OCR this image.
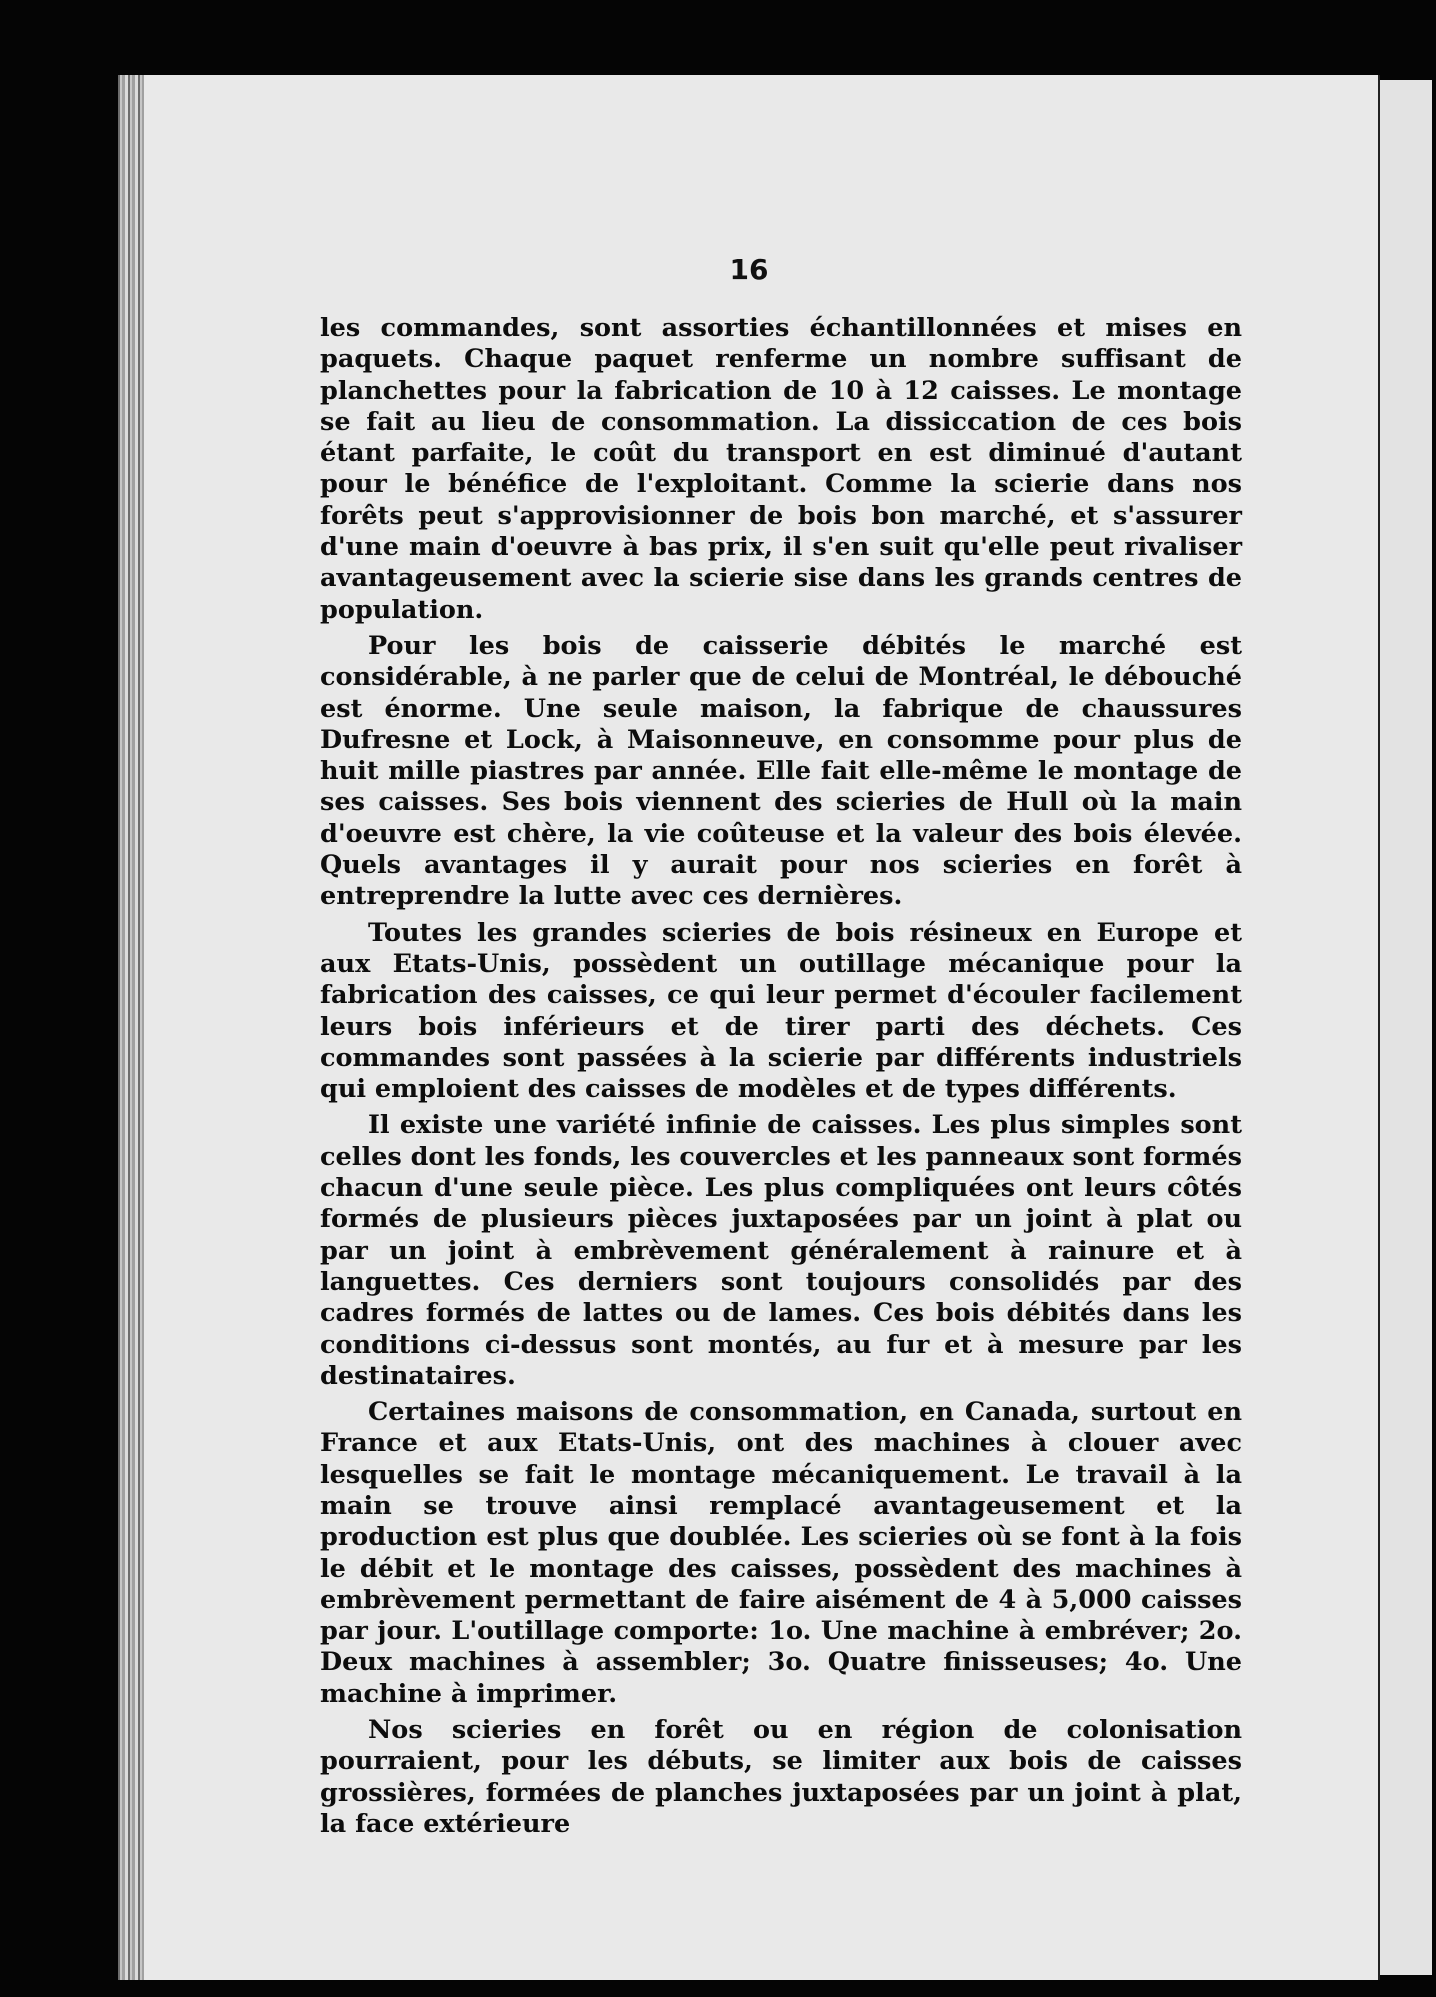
16

les commandes, sont assorties échantillonnées et mises en paquets. Chaque paquet renferme un nombre suffisant de planchettes pour la fabrication de 10 à 12 caisses. Le montage se fait au lieu de consommation. La dissiccation de ces bois étant parfaite, le coût du transport en est diminué d'autant pour le bénéfice de l'exploitant. Comme la scierie dans nos forêts peut s'approvisionner de bois bon marché, et s'assurer d'une main d'oeuvre à bas prix, il s'en suit qu'elle peut rivaliser avantageusement avec la scierie sise dans les grands centres de population.

Pour les bois de caisserie débités le marché est considérable, à ne parler que de celui de Montréal, le débouché est énorme. Une seule maison, la fabrique de chaussures Dufresne et Lock, à Maisonneuve, en consomme pour plus de huit mille piastres par année. Elle fait elle-même le montage de ses caisses. Ses bois viennent des scieries de Hull où la main d'oeuvre est chère, la vie coûteuse et la valeur des bois élevée. Quels avantages il y aurait pour nos scieries en forêt à entreprendre la lutte avec ces dernières.

Toutes les grandes scieries de bois résineux en Europe et aux Etats-Unis, possèdent un outillage mécanique pour la fabrication des caisses, ce qui leur permet d'écouler facilement leurs bois inférieurs et de tirer parti des déchets. Ces commandes sont passées à la scierie par différents industriels qui emploient des caisses de modèles et de types différents.

Il existe une variété infinie de caisses. Les plus simples sont celles dont les fonds, les couvercles et les panneaux sont formés chacun d'une seule pièce. Les plus compliquées ont leurs côtés formés de plusieurs pièces juxtaposées par un joint à plat ou par un joint à embrèvement généralement à rainure et à languettes. Ces derniers sont toujours consolidés par des cadres formés de lattes ou de lames. Ces bois débités dans les conditions ci-dessus sont montés, au fur et à mesure par les destinataires.

Certaines maisons de consommation, en Canada, surtout en France et aux Etats-Unis, ont des machines à clouer avec lesquelles se fait le montage mécaniquement. Le travail à la main se trouve ainsi remplacé avantageusement et la production est plus que doublée. Les scieries où se font à la fois le débit et le montage des caisses, possèdent des machines à embrèvement permettant de faire aisément de 4 à 5,000 caisses par jour. L'outillage comporte: 1o. Une machine à embréver; 2o. Deux machines à assembler; 3o. Quatre finisseuses; 4o. Une machine à imprimer.

Nos scieries en forêt ou en région de colonisation pourraient, pour les débuts, se limiter aux bois de caisses grossières, formées de planches juxtaposées par un joint à plat, la face extérieure
